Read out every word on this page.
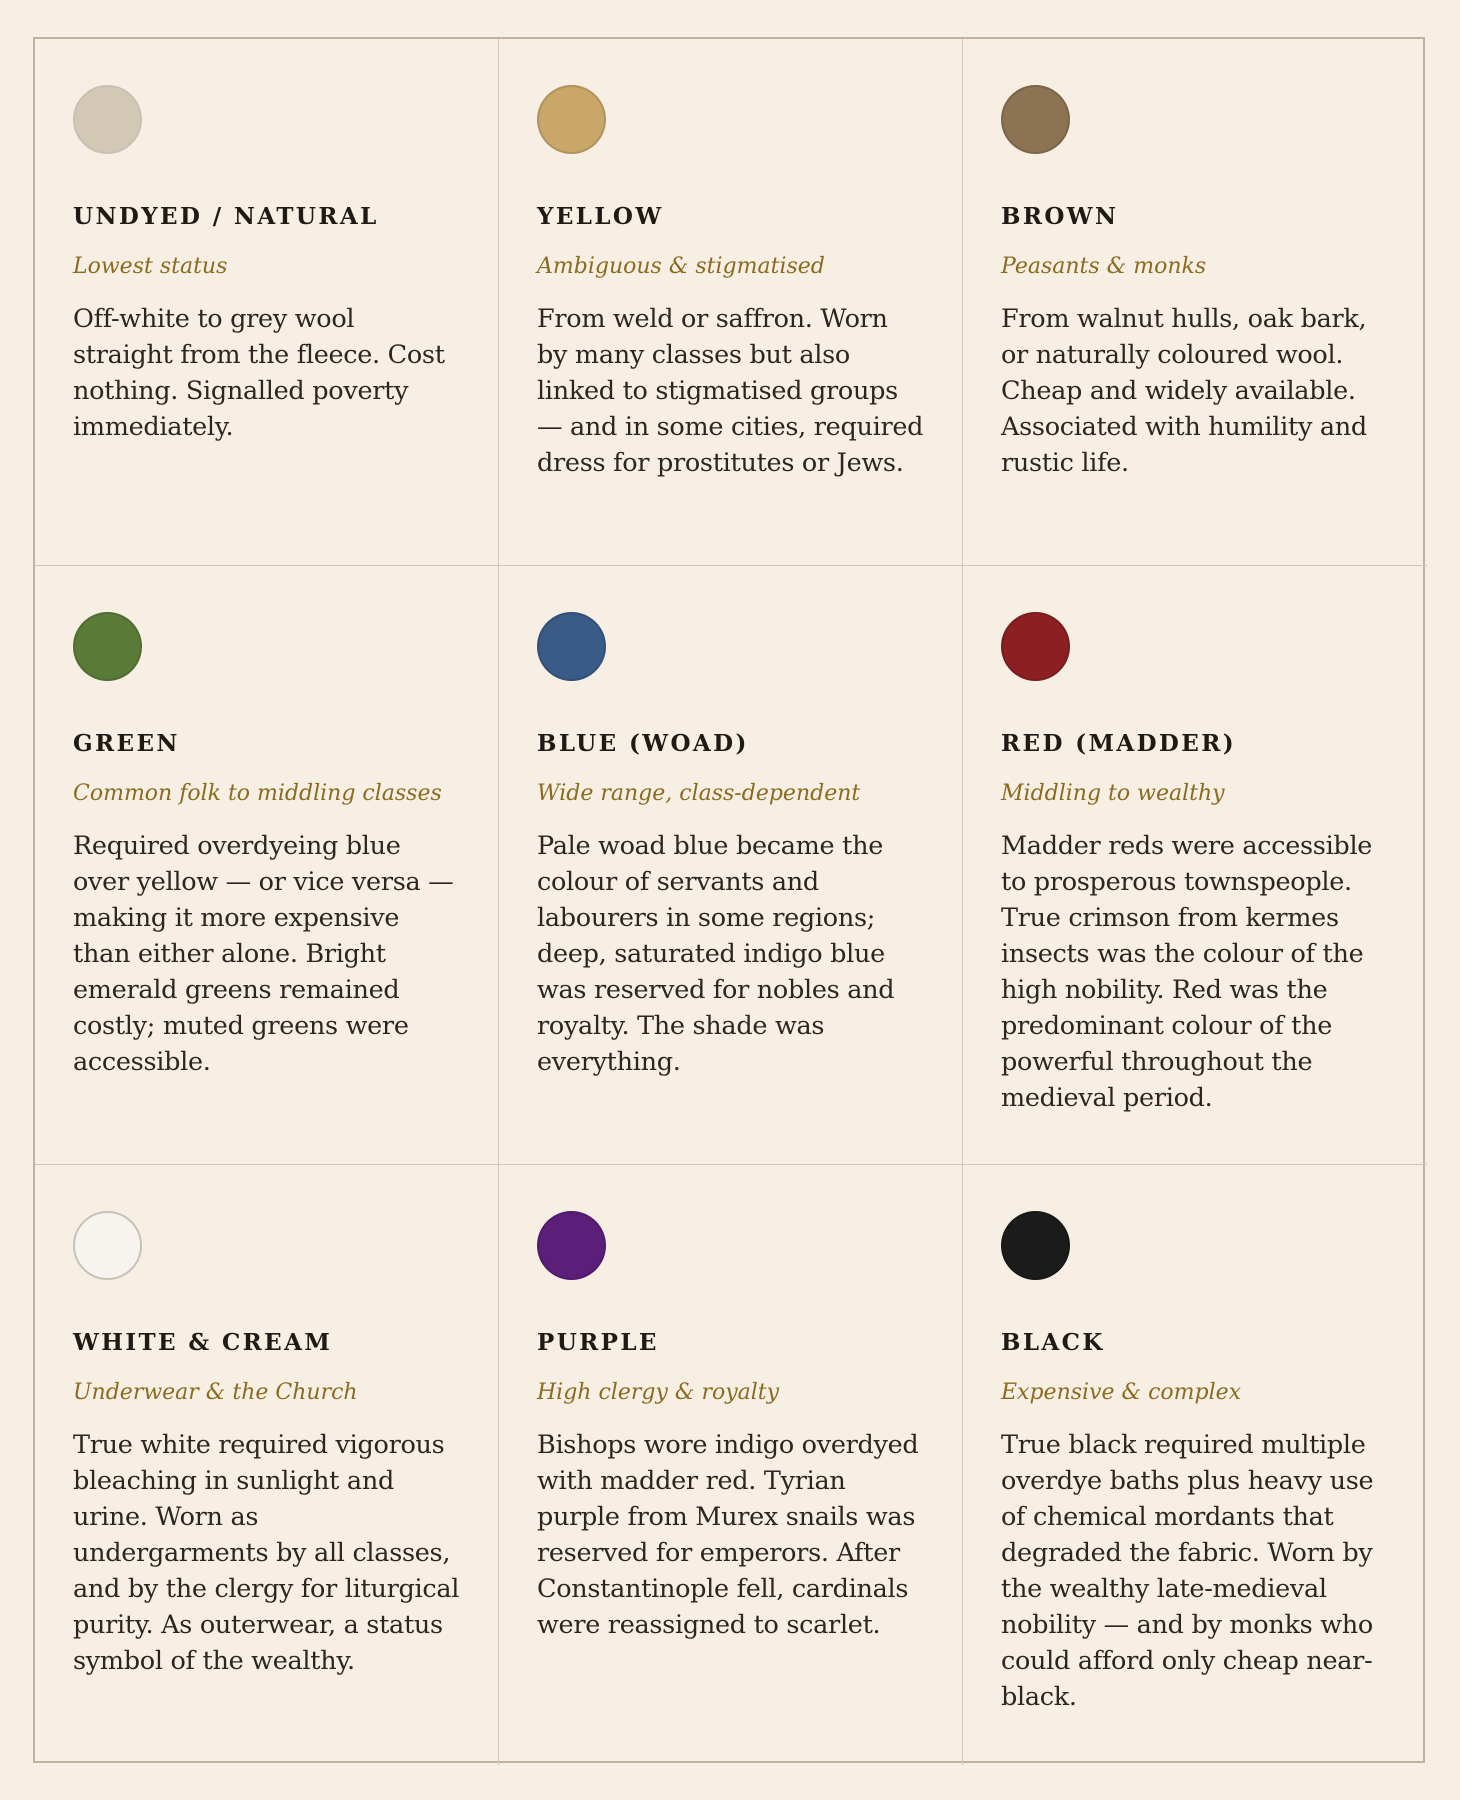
UNDYED / NATURAL
Lowest status

Off-white to grey wool straight from the fleece. Cost nothing. Signalled poverty immediately.

YELLOW
Ambiguous & stigmatised

From weld or saffron. Worn by many classes but also linked to stigmatised groups — and in some cities, required dress for prostitutes or Jews.

BROWN
Peasants & monks

From walnut hulls, oak bark, or naturally coloured wool. Cheap and widely available. Associated with humility and rustic life.

GREEN
Common folk to middling classes

Required overdyeing blue over yellow — or vice versa — making it more expensive than either alone. Bright emerald greens remained costly; muted greens were accessible.

BLUE (WOAD)
Wide range, class-dependent

Pale woad blue became the colour of servants and labourers in some regions; deep, saturated indigo blue was reserved for nobles and royalty. The shade was everything.

RED (MADDER)
Middling to wealthy

Madder reds were accessible to prosperous townspeople. True crimson from kermes insects was the colour of the high nobility. Red was the predominant colour of the powerful throughout the medieval period.

WHITE & CREAM
Underwear & the Church

True white required vigorous bleaching in sunlight and urine. Worn as undergarments by all classes, and by the clergy for liturgical purity. As outerwear, a status symbol of the wealthy.

PURPLE
High clergy & royalty

Bishops wore indigo overdyed with madder red. Tyrian purple from Murex snails was reserved for emperors. After Constantinople fell, cardinals were reassigned to scarlet.

BLACK
Expensive & complex

True black required multiple overdye baths plus heavy use of chemical mordants that degraded the fabric. Worn by the wealthy late-medieval nobility — and by monks who could afford only cheap near-black.
